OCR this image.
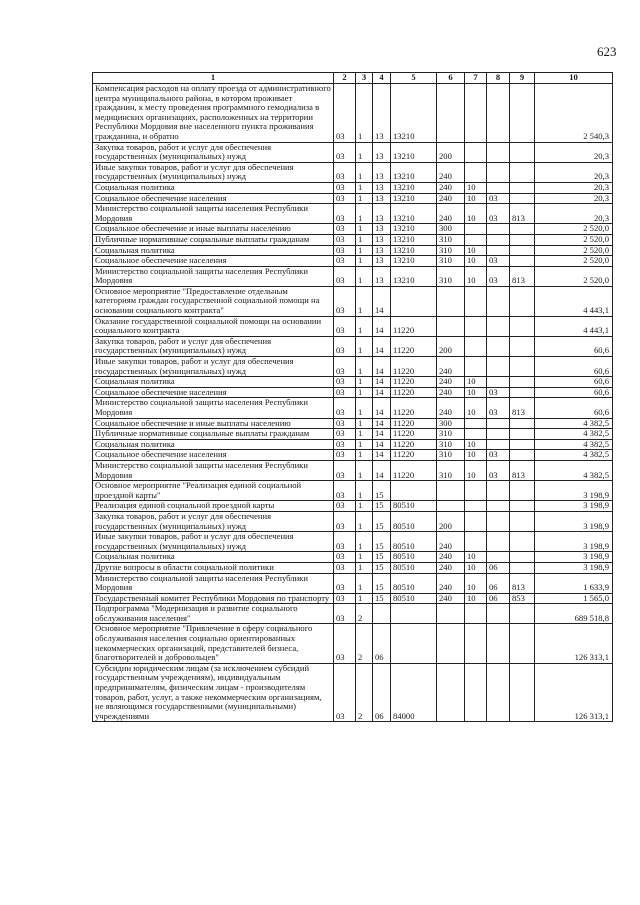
623
1	2	3	4	5	6	7	8	9	10
Компенсация расходов на оплату проезда от административного центра муниципального района, в котором проживает гражданин, к месту проведения программного гемодиализа в медицинских организациях, расположенных на территории Республики Мордовия вне населенного пункта проживания гражданина, и обратно	03	1	13	13210					2 540,3
Закупка товаров, работ и услуг для обеспечения государственных (муниципальных) нужд	03	1	13	13210	200				20,3
Иные закупки товаров, работ и услуг для обеспечения государственных (муниципальных) нужд	03	1	13	13210	240				20,3
Социальная политика	03	1	13	13210	240	10			20,3
Социальное обеспечение населения	03	1	13	13210	240	10	03		20,3
Министерство социальной защиты населения Республики Мордовия	03	1	13	13210	240	10	03	813	20,3
Социальное обеспечение и иные выплаты населению	03	1	13	13210	300				2 520,0
Публичные нормативные социальные выплаты гражданам	03	1	13	13210	310				2 520,0
Социальная политика	03	1	13	13210	310	10			2 520,0
Социальное обеспечение населения	03	1	13	13210	310	10	03		2 520,0
Министерство социальной защиты населения Республики Мордовия	03	1	13	13210	310	10	03	813	2 520,0
Основное мероприятие "Предоставление отдельным категориям граждан государственной социальной помощи на основании социального контракта"	03	1	14						4 443,1
Оказание государственной социальной помощи на основании социального контракта	03	1	14	11220					4 443,1
Закупка товаров, работ и услуг для обеспечения государственных (муниципальных) нужд	03	1	14	11220	200				60,6
Иные закупки товаров, работ и услуг для обеспечения государственных (муниципальных) нужд	03	1	14	11220	240				60,6
Социальная политика	03	1	14	11220	240	10			60,6
Социальное обеспечение населения	03	1	14	11220	240	10	03		60,6
Министерство социальной защиты населения Республики Мордовия	03	1	14	11220	240	10	03	813	60,6
Социальное обеспечение и иные выплаты населению	03	1	14	11220	300				4 382,5
Публичные нормативные социальные выплаты гражданам	03	1	14	11220	310				4 382,5
Социальная политика	03	1	14	11220	310	10			4 382,5
Социальное обеспечение населения	03	1	14	11220	310	10	03		4 382,5
Министерство социальной защиты населения Республики Мордовия	03	1	14	11220	310	10	03	813	4 382,5
Основное мероприятие "Реализация единой социальной проездной карты"	03	1	15						3 198,9
Реализация единой социальной проездной карты	03	1	15	80510					3 198,9
Закупка товаров, работ и услуг для обеспечения государственных (муниципальных) нужд	03	1	15	80510	200				3 198,9
Иные закупки товаров, работ и услуг для обеспечения государственных (муниципальных) нужд	03	1	15	80510	240				3 198,9
Социальная политика	03	1	15	80510	240	10			3 198,9
Другие вопросы в области социальной политики	03	1	15	80510	240	10	06		3 198,9
Министерство социальной защиты населения Республики Мордовия	03	1	15	80510	240	10	06	813	1 633,9
Государственный комитет Республики Мордовия по транспорту	03	1	15	80510	240	10	06	853	1 565,0
Подпрограмма "Модернизация и развитие социального обслуживания населения"	03	2							689 518,8
Основное мероприятие "Привлечение в сферу социального обслуживания населения социально ориентированных некоммерческих организаций, представителей бизнеса, благотворителей и добровольцев"	03	2	06						126 313,1
Субсидии юридическим лицам (за исключением субсидий государственным учреждениям), индивидуальным предпринимателям, физическим лицам - производителям товаров, работ, услуг, а также некоммерческим организациям, не являющимся государственными (муниципальными) учреждениями	03	2	06	84000					126 313,1
